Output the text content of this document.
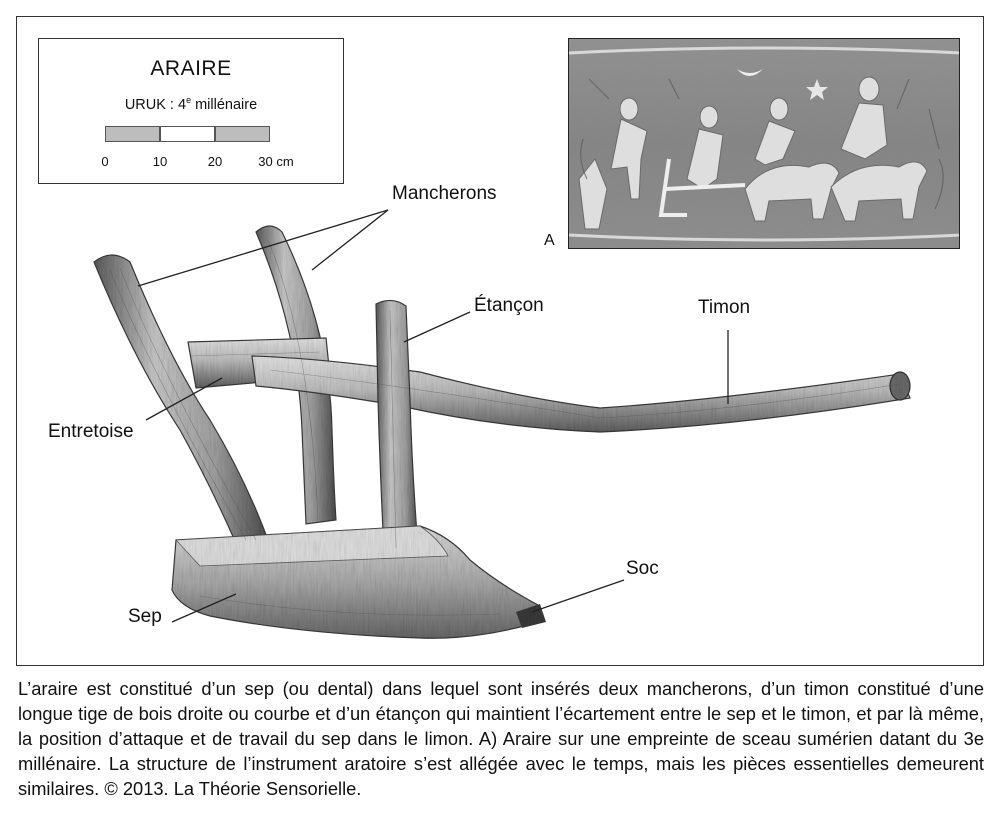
ARAIRE
URUK : 4e millénaire
0	10	20	30 cm
A
Mancherons
Étançon	Timon
Entretoise
Soc
Sep
L’araire est constitué d’un sep (ou dental) dans lequel sont insérés deux mancherons, d’un timon constitué d’une longue tige de bois droite ou courbe et d’un étançon qui maintient l’écartement entre le sep et le timon, et par là même, la position d’attaque et de travail du sep dans le limon. A) Araire sur une empreinte de sceau sumérien datant du 3e millénaire. La structure de l’instrument aratoire s’est allégée avec le temps, mais les pièces essentielles demeurent similaires. © 2013. La Théorie Sensorielle.
